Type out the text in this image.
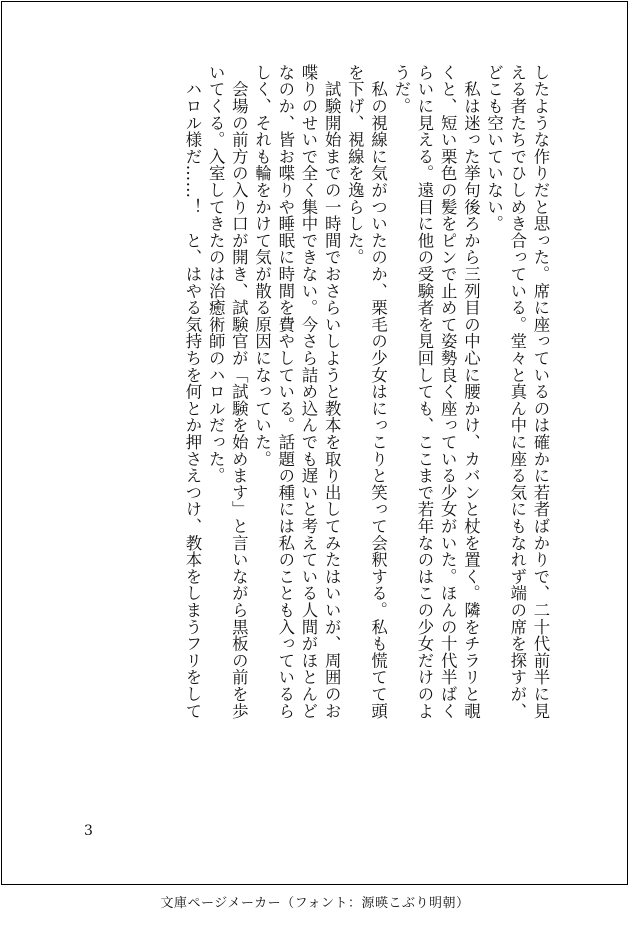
したような作りだと思った。席に座っているのは確かに若者ばかりで、二十代前半に見
える者たちでひしめき合っている。堂々と真ん中に座る気にもなれず端の席を探すが、
どこも空いていない。

　私は迷った挙句後ろから三列目の中心に腰かけ、カバンと杖を置く。隣をチラリと覗
くと、短い栗色の髪をピンで止めて姿勢良く座っている少女がいた。ほんの十代半ばく
らいに見える。遠目に他の受験者を見回しても、ここまで若年なのはこの少女だけのよ
うだ。

　私の視線に気がついたのか、栗毛の少女はにっこりと笑って会釈する。私も慌てて頭
を下げ、視線を逸らした。

　試験開始までの一時間でおさらいしようと教本を取り出してみたはいいが、周囲のお
喋りのせいで全く集中できない。今さら詰め込んでも遅いと考えている人間がほとんど
なのか、皆お喋りや睡眠に時間を費やしている。話題の種には私のことも入っているら
しく、それも輪をかけて気が散る原因になっていた。

　会場の前方の入り口が開き、試験官が「試験を始めます」と言いながら黒板の前を歩
いてくる。入室してきたのは治癒術師のハロルだった。

　ハロル様だ……！　と、はやる気持ちを何とか押さえつけ、教本をしまうフリをして

3
文庫ページメーカー（フォント：源暎こぶり明朝）
